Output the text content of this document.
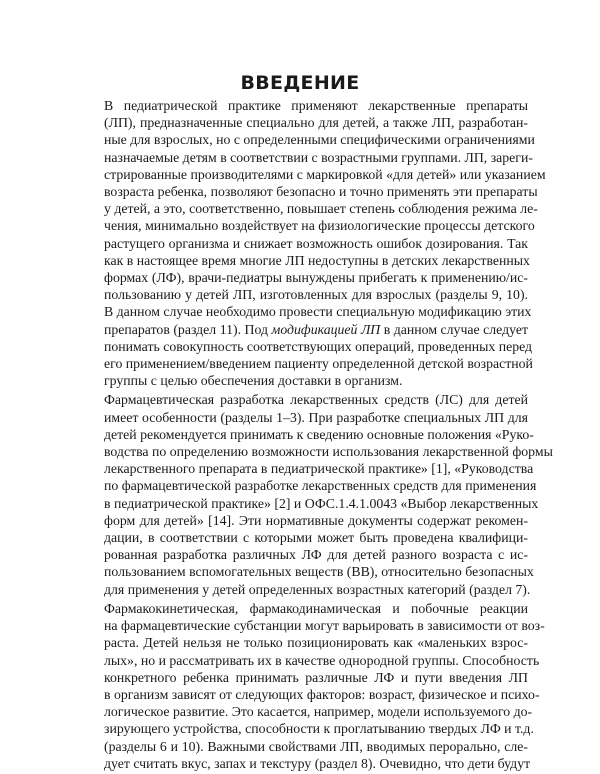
ВВЕДЕНИЕ
В педиатрической практике применяют лекарственные препараты
(ЛП), предназначенные специально для детей, а также ЛП, разработан-
ные для взрослых, но с определенными специфическими ограничениями
назначаемые детям в соответствии с возрастными группами. ЛП, зареги-
стрированные производителями с маркировкой «для детей» или указанием
возраста ребенка, позволяют безопасно и точно применять эти препараты
у детей, а это, соответственно, повышает степень соблюдения режима ле-
чения, минимально воздействует на физиологические процессы детского
растущего организма и снижает возможность ошибок дозирования. Так
как в настоящее время многие ЛП недоступны в детских лекарственных
формах (ЛФ), врачи-педиатры вынуждены прибегать к применению/ис-
пользованию у детей ЛП, изготовленных для взрослых (разделы 9, 10).
В данном случае необходимо провести специальную модификацию этих
препаратов (раздел 11). Под модификацией ЛП в данном случае следует
понимать совокупность соответствующих операций, проведенных перед
его применением/введением пациенту определенной детской возрастной
группы с целью обеспечения доставки в организм.
Фармацевтическая разработка лекарственных средств (ЛС) для детей
имеет особенности (разделы 1–3). При разработке специальных ЛП для
детей рекомендуется принимать к сведению основные положения «Руко-
водства по определению возможности использования лекарственной формы
лекарственного препарата в педиатрической практике» [1], «Руководства
по фармацевтической разработке лекарственных средств для применения
в педиатрической практике» [2] и ОФС.1.4.1.0043 «Выбор лекарственных
форм для детей» [14]. Эти нормативные документы содержат рекомен-
дации, в соответствии с которыми может быть проведена квалифици-
рованная разработка различных ЛФ для детей разного возраста с ис-
пользованием вспомогательных веществ (ВВ), относительно безопасных
для применения у детей определенных возрастных категорий (раздел 7).
Фармакокинетическая, фармакодинамическая и побочные реакции
на фармацевтические субстанции могут варьировать в зависимости от воз-
раста. Детей нельзя не только позиционировать как «маленьких взрос-
лых», но и рассматривать их в качестве однородной группы. Способность
конкретного ребенка принимать различные ЛФ и пути введения ЛП
в организм зависят от следующих факторов: возраст, физическое и психо-
логическое развитие. Это касается, например, модели используемого до-
зирующего устройства, способности к проглатыванию твердых ЛФ и т.д.
(разделы 6 и 10). Важными свойствами ЛП, вводимых перорально, сле-
дует считать вкус, запах и текстуру (раздел 8). Очевидно, что дети будут
